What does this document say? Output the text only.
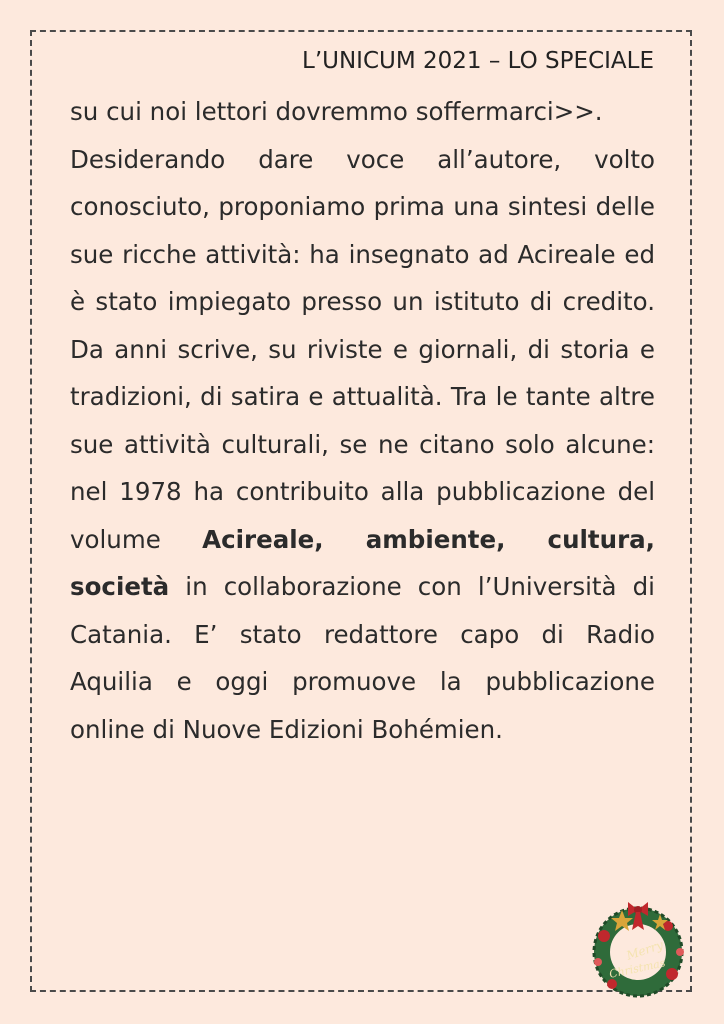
L’UNICUM 2021 – LO SPECIALE

su cui noi lettori dovremmo soffermarci>>.

Desiderando dare voce all’autore, volto conosciuto, proponiamo prima una sintesi delle sue ricche attività: ha insegnato ad Acireale ed è stato impiegato presso un istituto di credito. Da anni scrive, su riviste e giornali, di storia e tradizioni, di satira e attualità. Tra le tante altre sue attività culturali, se ne citano solo alcune: nel 1978 ha contribuito alla pubblicazione del volume Acireale, ambiente, cultura, società in collaborazione con l’Università di Catania. E’ stato redattore capo di Radio Aquilia e oggi promuove la pubblicazione online di Nuove Edizioni Bohémien.

Merry
Christmas
